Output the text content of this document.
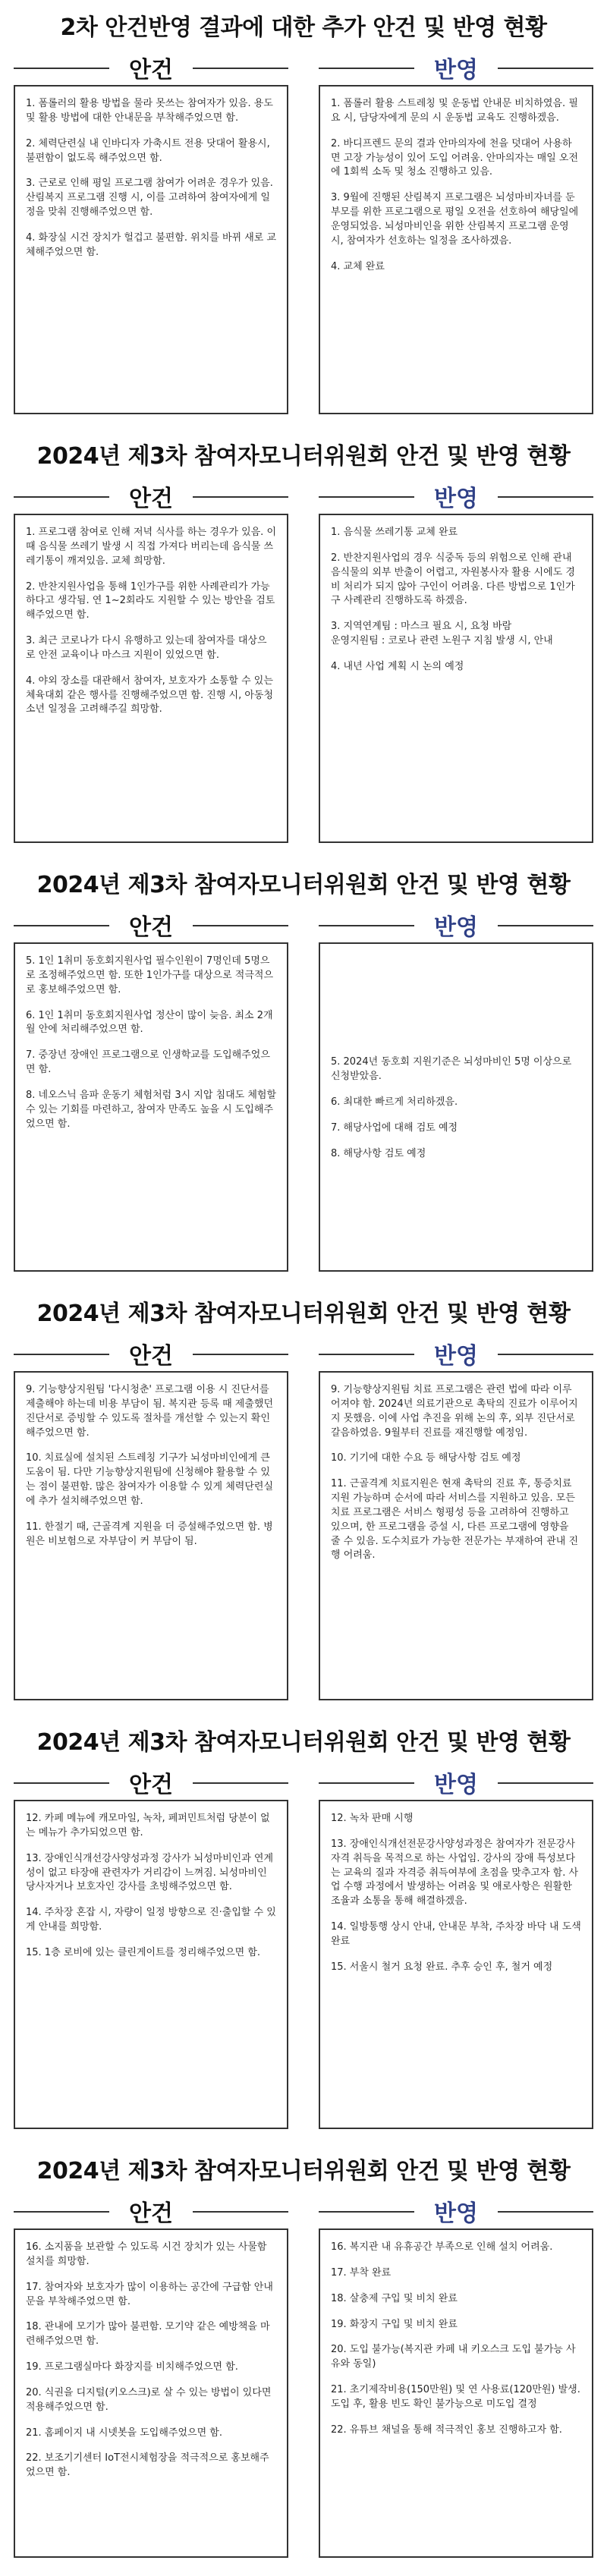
2차 안건반영 결과에 대한 추가 안건 및 반영 현황
안건

1. 폼롤러의 활용 방법을 물라 못쓰는 참여자가 있음. 용도 및 활용 방법에 대한 안내문을 부착해주었으면 함.

2. 체력단련실 내 인바디자 가축시트 전용 닷대어 활용시, 불편함이 없도록 해주었으면 함.

3. 근로로 인해 평일 프로그램 참여가 어려운 경우가 있음. 산림복지 프로그램 진행 시, 이를 고려하여 참여자에게 일정을 맞춰 진행해주었으면 함.

4. 화장실 시건 장치가 헐겁고 불편함. 위치를 바뀌 새로 교체해주었으면 함.

반영

1. 폼롤러 활용 스트레칭 및 운동법 안내문 비치하였음. 필요 시, 담당자에게 문의 시 운동법 교육도 진행하겠음.

2. 바디프렌드 문의 결과 안마의자에 천을 덧대어 사용하면 고장 가능성이 있어 도입 어려움. 안마의자는 매일 오전에 1회씩 소독 및 청소 진행하고 있음.

3. 9월에 진행된 산림복지 프로그램은 뇌성마비자녀를 둔 부모를 위한 프로그램으로 평일 오전을 선호하여 해당일에 운영되었음. 뇌성마비인을 위한 산림복지 프로그램 운영 시, 참여자가 선호하는 일정을 조사하겠음.

4. 교체 완료

2024년 제3차 참여자모니터위원회 안건 및 반영 현황
안건

1. 프로그램 참여로 인해 저녁 식사를 하는 경우가 있음. 이때 음식물 쓰레기 발생 시 직접 가져다 버리는데 음식물 쓰레기통이 깨져있음. 교체 희망함.

2. 반찬지원사업을 통해 1인가구를 위한 사례관리가 가능하다고 생각됨. 연 1~2회라도 지원할 수 있는 방안을 검토해주었으면 함.

3. 최근 코로나가 다시 유행하고 있는데 참여자를 대상으로 안전 교육이나 마스크 지원이 있었으면 함.

4. 야외 장소를 대관해서 참여자, 보호자가 소통할 수 있는 체육대회 같은 행사를 진행해주었으면 함. 진행 시, 아동청소년 일정을 고려해주길 희망함.

반영

1. 음식물 쓰레기통 교체 완료

2. 반찬지원사업의 경우 식중독 등의 위험으로 인해 관내 음식물의 외부 반출이 어렵고, 자원봉사자 활용 시에도 경비 처리가 되지 않아 구인이 어려움. 다른 방법으로 1인가구 사례관리 진행하도록 하겠음.

3. 지역연계팀 : 마스크 필요 시, 요청 바람
운영지원팀 : 코로나 관련 노원구 지침 발생 시, 안내

4. 내년 사업 계획 시 논의 예정

2024년 제3차 참여자모니터위원회 안건 및 반영 현황
안건

5. 1인 1취미 동호회지원사업 필수인원이 7명인데 5명으로 조정해주었으면 함. 또한 1인가구를 대상으로 적극적으로 홍보해주었으면 함.

6. 1인 1취미 동호회지원사업 정산이 많이 늦음. 최소 2개월 안에 처리해주었으면 함.

7. 중장년 장애인 프로그램으로 인생학교를 도입해주었으면 함.

8. 네오스닉 음파 운동기 체험처럼 3시 지압 침대도 체험할 수 있는 기회를 마련하고, 참여자 만족도 높을 시 도입해주었으면 함.

반영

5. 2024년 동호회 지원기준은 뇌성마비인 5명 이상으로 신청받았음.

6. 최대한 빠르게 처리하겠음.

7. 해당사업에 대해 검토 예정

8. 해당사항 검토 예정

2024년 제3차 참여자모니터위원회 안건 및 반영 현황
안건

9. 기능향상지원팀 '다시청춘' 프로그램 이용 시 진단서를 제출해야 하는데 비용 부담이 됨. 복지관 등록 때 제출했던 진단서로 증빙할 수 있도록 절차를 개선할 수 있는지 확인해주었으면 함.

10. 치료실에 설치된 스트레칭 기구가 뇌성마비인에게 큰 도움이 됨. 다만 기능향상지원팀에 신청해야 활용할 수 있는 점이 불편함. 많은 참여자가 이용할 수 있게 체력단련실에 추가 설치해주었으면 함.

11. 한절기 때, 근골격계 지원을 더 증설해주었으면 함. 병원은 비보험으로 자부담이 커 부담이 됨.

반영

9. 기능향상지원팀 치료 프로그램은 관련 법에 따라 이루어져야 함. 2024년 의료기관으로 촉탁의 진료가 이루어지지 못했음. 이에 사업 추진을 위해 논의 후, 외부 진단서로 갈음하였음. 9월부터 진료를 재진행할 예정임.

10. 기기에 대한 수요 등 해당사항 검토 예정

11. 근골격계 치료지원은 현재 촉탁의 진료 후, 통증치료 지원 가능하며 순서에 따라 서비스를 지원하고 있음. 모든 치료 프로그램은 서비스 형평성 등을 고려하여 진행하고 있으며, 한 프로그램을 증설 시, 다른 프로그램에 영향을 줄 수 있음. 도수치료가 가능한 전문가는 부재하여 관내 진행 어려움.

2024년 제3차 참여자모니터위원회 안건 및 반영 현황
안건

12. 카페 메뉴에 캐모마일, 녹차, 페퍼민트처럼 당분이 없는 메뉴가 추가되었으면 함.

13. 장애인식개선강사양성과정 강사가 뇌성마비인과 연계성이 없고 타장애 관련자가 거리감이 느껴짐. 뇌성마비인 당사자거나 보호자인 강사를 초빙해주었으면 함.

14. 주차장 혼잡 시, 자량이 일정 방향으로 진·출입할 수 있게 안내를 희망함.

15. 1층 로비에 있는 클린게이트를 정리해주었으면 함.

반영

12. 녹차 판매 시행

13. 장애인식개선전문강사양성과정은 참여자가 전문강사 자격 취득을 목적으로 하는 사업임. 강사의 장애 특성보다는 교육의 질과 자격증 취득여부에 초점을 맞추고자 함. 사업 수행 과정에서 발생하는 어려움 및 애로사항은 원활한 조율과 소통을 통해 해결하겠음.

14. 일방통행 상시 안내, 안내문 부착, 주차장 바닥 내 도색 완료

15. 서울시 철거 요청 완료. 추후 승인 후, 철거 예정

2024년 제3차 참여자모니터위원회 안건 및 반영 현황
안건

16. 소지품을 보관할 수 있도록 시건 장치가 있는 사물함 설치를 희망함.

17. 참여자와 보호자가 많이 이용하는 공간에 구급함 안내문을 부착해주었으면 함.

18. 관내에 모기가 많아 불편함. 모기약 같은 예방책을 마련해주었으면 함.

19. 프로그램실마다 화장지를 비치해주었으면 함.

20. 식권을 디지털(키오스크)로 살 수 있는 방법이 있다면 적용해주었으면 함.

21. 홈페이지 내 시넷봇을 도입해주었으면 함.

22. 보조기기센터 IoT전시체험장을 적극적으로 홍보해주었으면 함.

반영

16. 복지관 내 유휴공간 부족으로 인해 설치 어려움.

17. 부착 완료

18. 살충제 구입 및 비치 완료

19. 화장지 구입 및 비치 완료

20. 도입 불가능(복지관 카페 내 키오스크 도입 불가능 사유와 동일)

21. 초기제작비용(150만원) 및 연 사용료(120만원) 발생. 도입 후, 활용 빈도 확인 불가능으로 미도입 결정

22. 유튜브 채널을 통해 적극적인 홍보 진행하고자 함.
